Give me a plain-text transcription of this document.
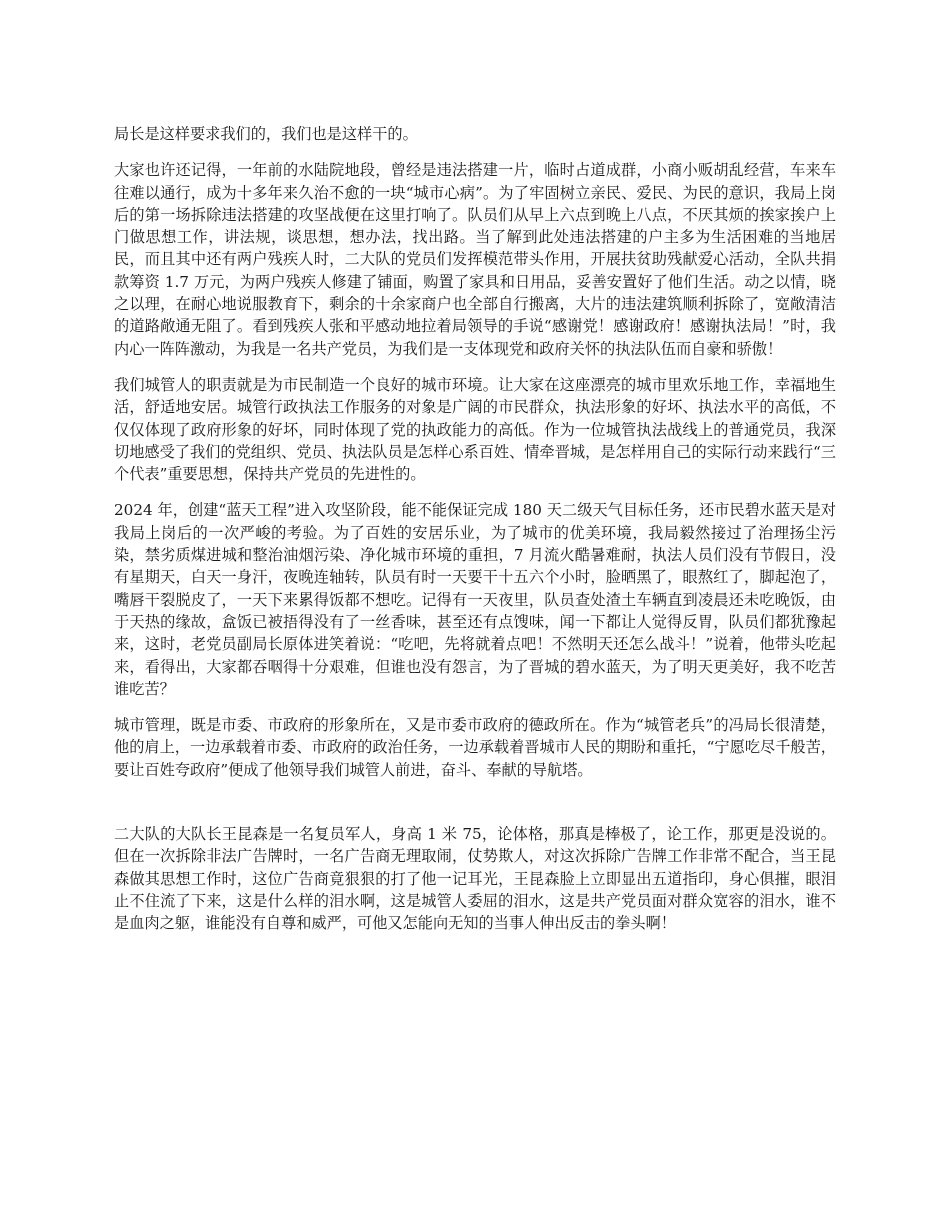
局长是这样要求我们的，我们也是这样干的。

大家也许还记得，一年前的水陆院地段，曾经是违法搭建一片，临时占道成群，小商小贩胡乱经营，车来车往难以通行，成为十多年来久治不愈的一块“城市心病”。为了牢固树立亲民、爱民、为民的意识，我局上岗后的第一场拆除违法搭建的攻坚战便在这里打响了。队员们从早上六点到晚上八点，不厌其烦的挨家挨户上门做思想工作，讲法规，谈思想，想办法，找出路。当了解到此处违法搭建的户主多为生活困难的当地居民，而且其中还有两户残疾人时，二大队的党员们发挥模范带头作用，开展扶贫助残献爱心活动，全队共捐款筹资 1.7 万元，为两户残疾人修建了铺面，购置了家具和日用品，妥善安置好了他们生活。动之以情，晓之以理，在耐心地说服教育下，剩余的十余家商户也全部自行搬离，大片的违法建筑顺利拆除了，宽敞清洁的道路敞通无阻了。看到残疾人张和平感动地拉着局领导的手说“感谢党！感谢政府！感谢执法局！”时，我内心一阵阵激动，为我是一名共产党员，为我们是一支体现党和政府关怀的执法队伍而自豪和骄傲！

我们城管人的职责就是为市民制造一个良好的城市环境。让大家在这座漂亮的城市里欢乐地工作，幸福地生活，舒适地安居。城管行政执法工作服务的对象是广阔的市民群众，执法形象的好坏、执法水平的高低，不仅仅体现了政府形象的好坏，同时体现了党的执政能力的高低。作为一位城管执法战线上的普通党员，我深切地感受了我们的党组织、党员、执法队员是怎样心系百姓、情牵晋城，是怎样用自己的实际行动来践行“三个代表”重要思想，保持共产党员的先进性的。

2024 年，创建“蓝天工程”进入攻坚阶段，能不能保证完成 180 天二级天气目标任务，还市民碧水蓝天是对我局上岗后的一次严峻的考验。为了百姓的安居乐业，为了城市的优美环境，我局毅然接过了治理扬尘污染，禁劣质煤进城和整治油烟污染、净化城市环境的重担，7 月流火酷暑难耐，执法人员们没有节假日，没有星期天，白天一身汗，夜晚连轴转，队员有时一天要干十五六个小时，脸晒黑了，眼熬红了，脚起泡了，嘴唇干裂脱皮了，一天下来累得饭都不想吃。记得有一天夜里，队员查处渣土车辆直到凌晨还未吃晚饭，由于天热的缘故，盒饭已被捂得没有了一丝香味，甚至还有点馊味，闻一下都让人觉得反胃，队员们都犹豫起来，这时，老党员副局长原体进笑着说：“吃吧，先将就着点吧！不然明天还怎么战斗！”说着，他带头吃起来，看得出，大家都吞咽得十分艰难，但谁也没有怨言，为了晋城的碧水蓝天，为了明天更美好，我不吃苦谁吃苦？

城市管理，既是市委、市政府的形象所在，又是市委市政府的德政所在。作为“城管老兵”的冯局长很清楚，他的肩上，一边承载着市委、市政府的政治任务，一边承载着晋城市人民的期盼和重托，“宁愿吃尽千般苦，要让百姓夸政府”便成了他领导我们城管人前进，奋斗、奉献的导航塔。

二大队的大队长王昆森是一名复员军人，身高 1 米 75，论体格，那真是棒极了，论工作，那更是没说的。但在一次拆除非法广告牌时，一名广告商无理取闹，仗势欺人，对这次拆除广告牌工作非常不配合，当王昆森做其思想工作时，这位广告商竟狠狠的打了他一记耳光，王昆森脸上立即显出五道指印，身心俱摧，眼泪止不住流了下来，这是什么样的泪水啊，这是城管人委屈的泪水，这是共产党员面对群众宽容的泪水，谁不是血肉之躯，谁能没有自尊和威严，可他又怎能向无知的当事人伸出反击的拳头啊！
